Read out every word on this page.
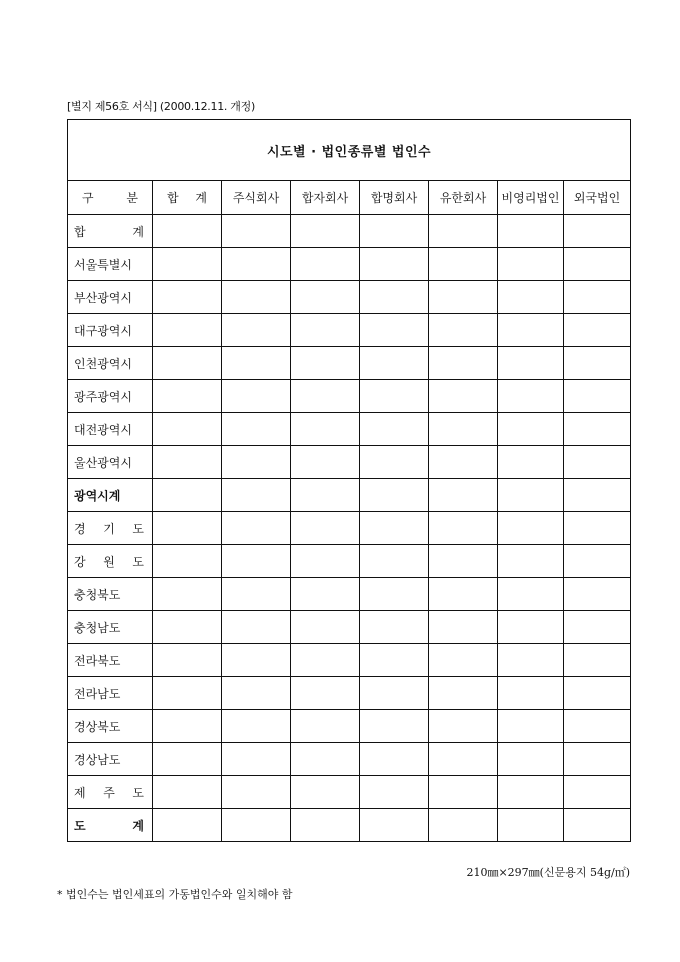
[별지 제56호 서식] (2000.12.11. 개정)
시도별 · 법인종류별 법인수							
구 분	합 계	주식회사	합자회사	합명회사	유한회사	비영리법인	외국법인
합 계							
서울특별시							
부산광역시							
대구광역시							
인천광역시							
광주광역시							
대전광역시							
울산광역시							
광역시계							
경 기 도							
강 원 도							
충청북도							
충청남도							
전라북도							
전라남도							
경상북도							
경상남도							
제 주 도							
도 계							
210㎜×297㎜(신문용지 54g/㎡)
* 법인수는 법인세표의 가동법인수와 일치해야 함
